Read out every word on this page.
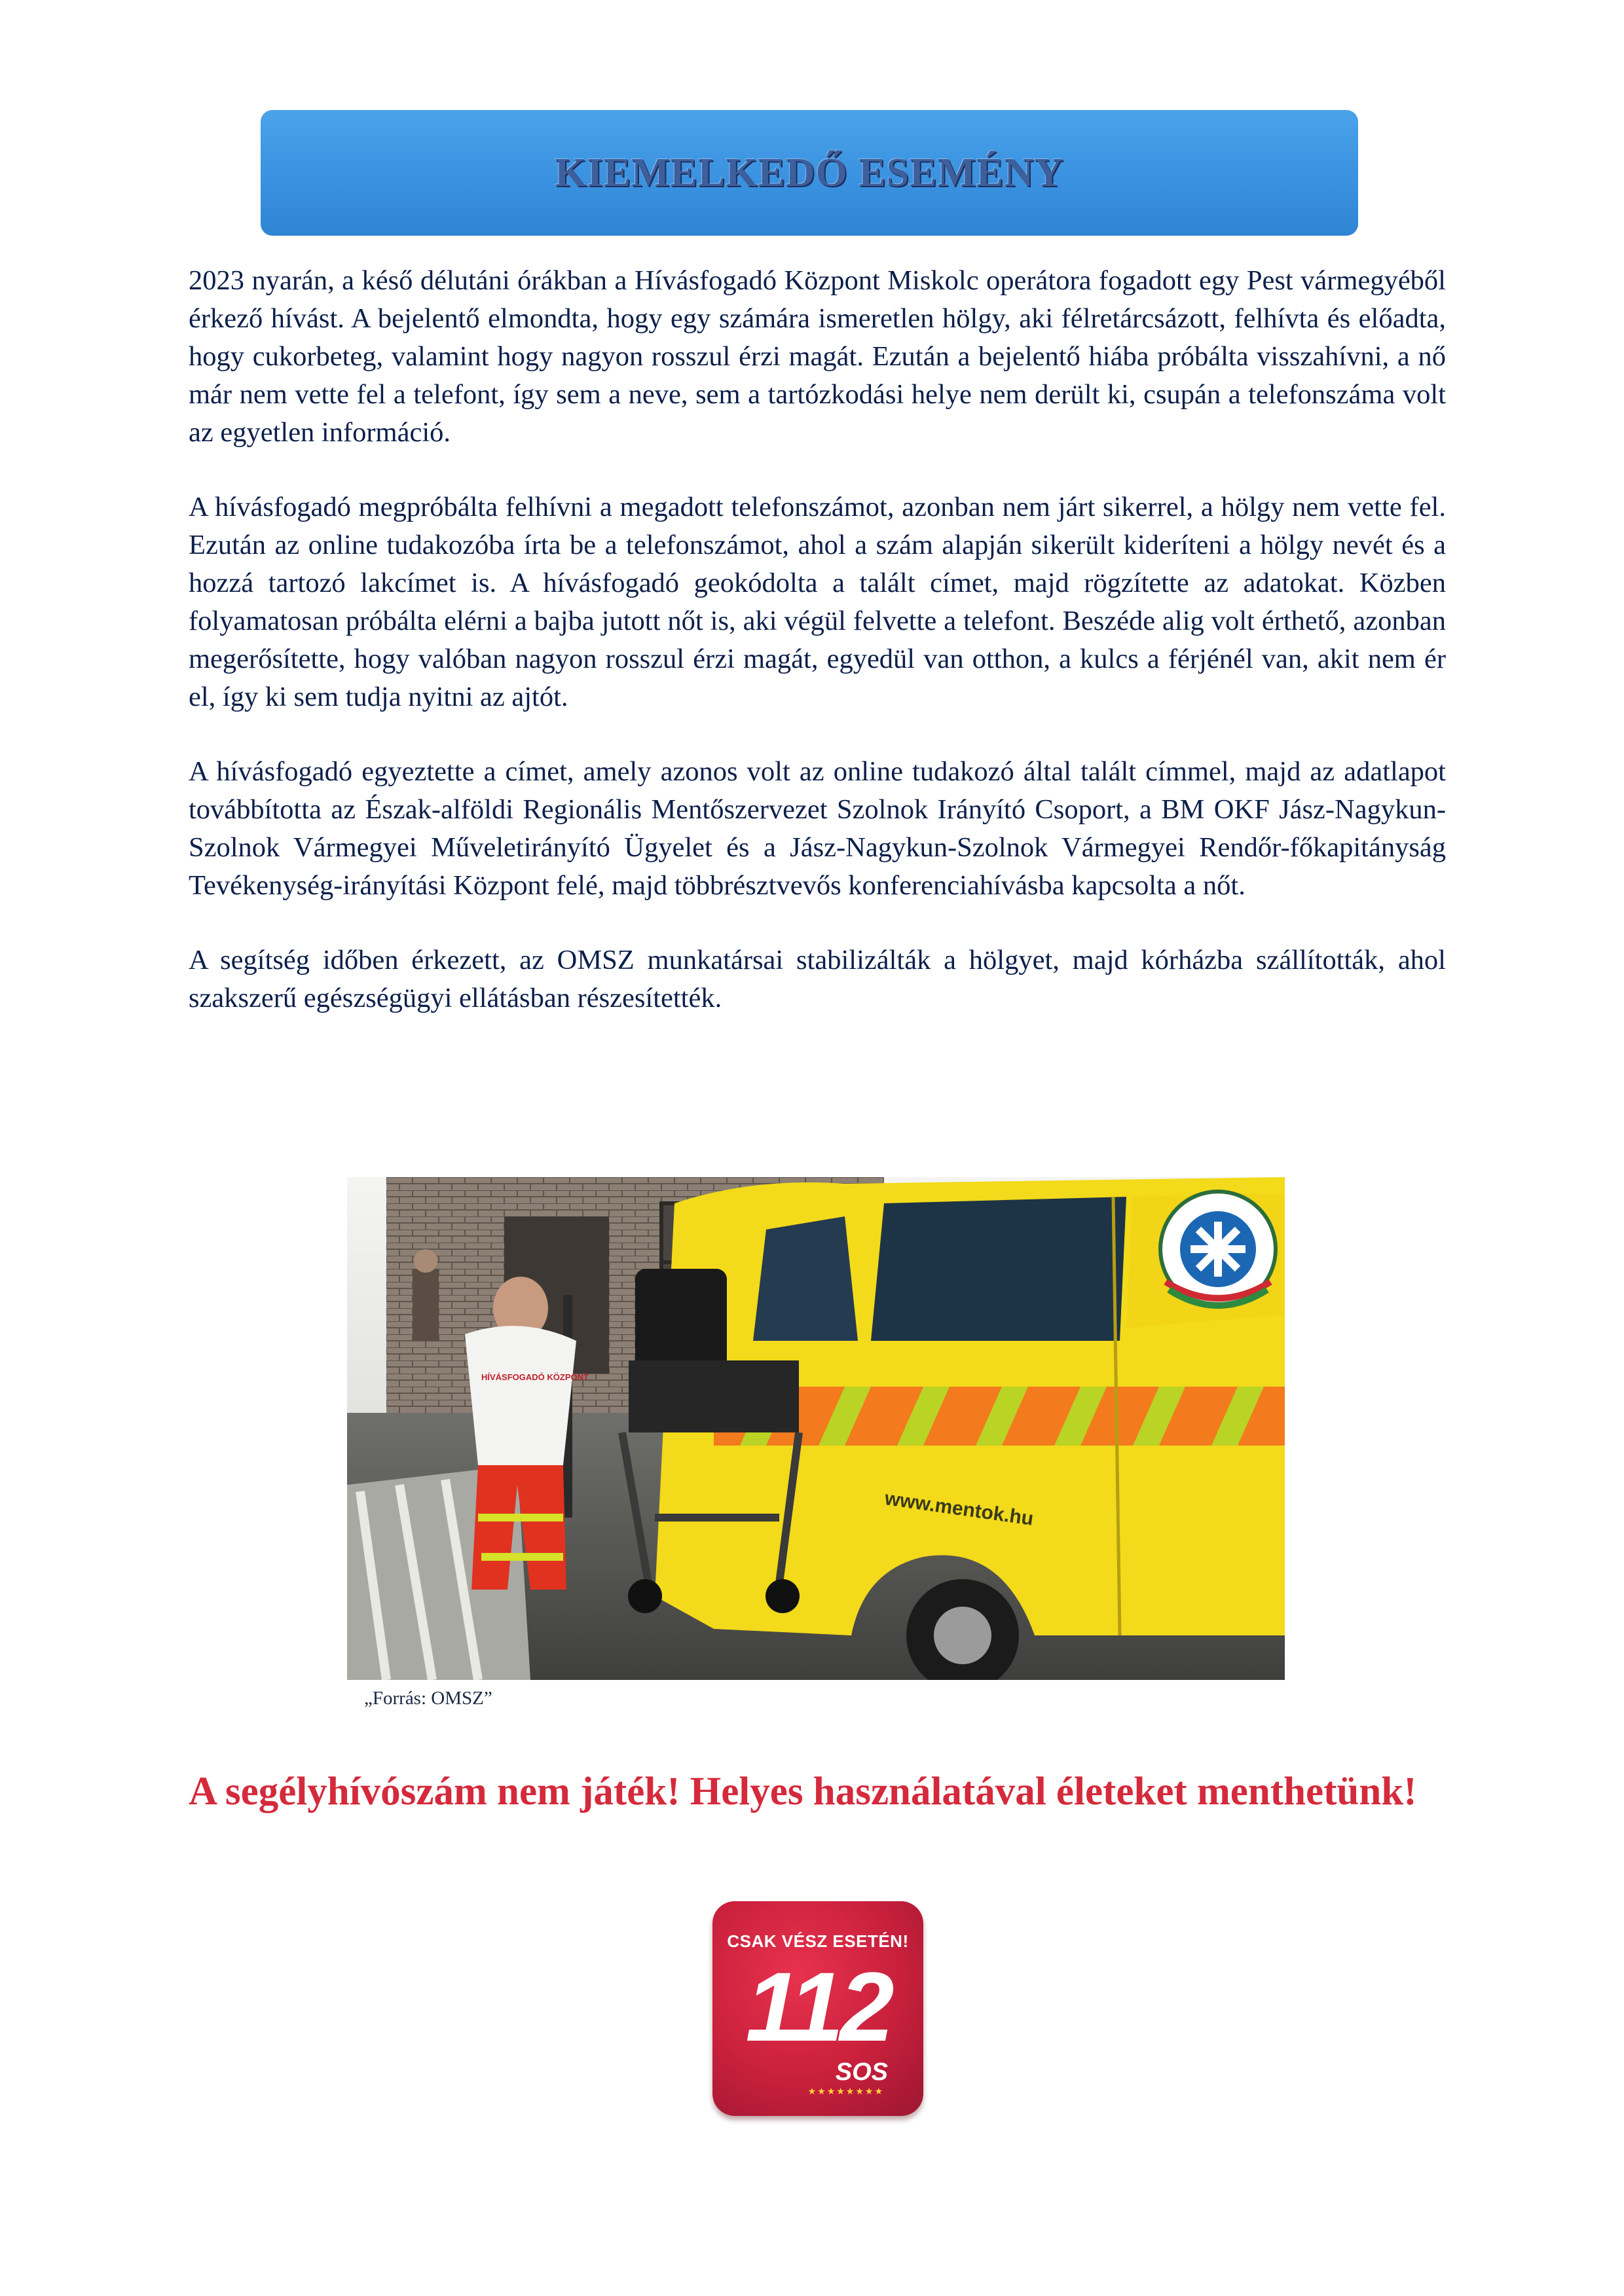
KIEMELKEDŐ ESEMÉNY

2023 nyarán, a késő délutáni órákban a Hívásfogadó Központ Miskolc operátora fogadott egy Pest vármegyéből érkező hívást. A bejelentő elmondta, hogy egy számára ismeretlen hölgy, aki félretárcsázott, felhívta és előadta, hogy cukorbeteg, valamint hogy nagyon rosszul érzi magát. Ezután a bejelentő hiába próbálta visszahívni, a nő már nem vette fel a telefont, így sem a neve, sem a tartózkodási helye nem derült ki, csupán a telefonszáma volt az egyetlen információ.

A hívásfogadó megpróbálta felhívni a megadott telefonszámot, azonban nem járt sikerrel, a hölgy nem vette fel. Ezután az online tudakozóba írta be a telefonszámot, ahol a szám alapján sikerült kideríteni a hölgy nevét és a hozzá tartozó lakcímet is. A hívásfogadó geokódolta a talált címet, majd rögzítette az adatokat. Közben folyamatosan próbálta elérni a bajba jutott nőt is, aki végül felvette a telefont. Beszéde alig volt érthető, azonban megerősítette, hogy valóban nagyon rosszul érzi magát, egyedül van otthon, a kulcs a férjénél van, akit nem ér el, így ki sem tudja nyitni az ajtót.

A hívásfogadó egyeztette a címet, amely azonos volt az online tudakozó által talált címmel, majd az adatlapot továbbította az Észak-alföldi Regionális Mentőszervezet Szolnok Irányító Csoport, a BM OKF Jász-Nagykun-Szolnok Vármegyei Műveletirányító Ügyelet és a Jász-Nagykun-Szolnok Vármegyei Rendőr-főkapitányság Tevékenység-irányítási Központ felé, majd többrésztvevős konferenciahívásba kapcsolta a nőt.

A segítség időben érkezett, az OMSZ munkatársai stabilizálták a hölgyet, majd kórházba szállították, ahol szakszerű egészségügyi ellátásban részesítették.

www.mentok.hu
HÍVÁSFOGADÓ KÖZPONT
„Forrás: OMSZ”
A segélyhívószám nem játék! Helyes használatával életeket menthetünk!
CSAK VÉSZ ESETÉN!
112
SOS
★★★★★★★★
